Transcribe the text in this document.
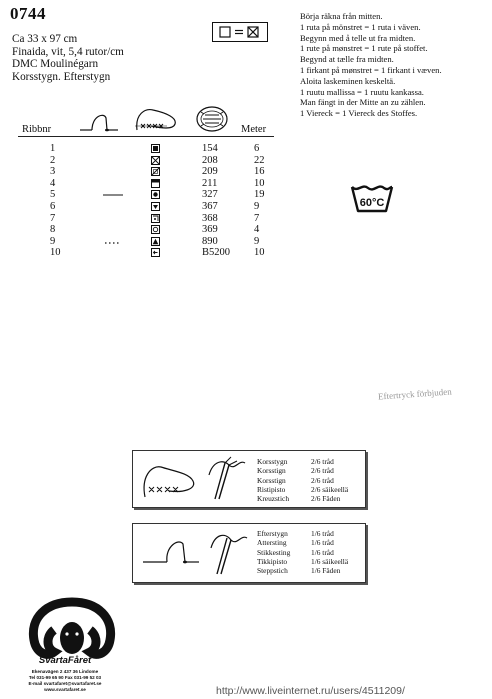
0744
Ca 33 x 97 cm
Finaida, vit, 5,4 rutor/cm
DMC Moulinégarn
Korsstygn. Efterstygn
Börja räkna från mitten.
1 ruta på mönstret = 1 ruta i väven.
Begynn med å telle ut fra midten.
1 rute på mønstret = 1 rute på stoffet.
Begynd at tælle fra midten.
1 firkant på mønstret = 1 firkant i væven.
Aloita laskeminen keskeltä.
1 ruutu mallissa = 1 ruutu kankassa.
Man fängt in der Mitte an zu zählen.
1 Viereck = 1 Viereck des Stoffes.
Ribbnr	Meter
1	154	6
2	208	22
3	209	16
4	211	10
5	327	19
6	367	9
7	368	7
8	369	4
9	890	9
10	B5200 10
60°C
Eftertryck förbjuden
Korsstygn	2/6 tråd
Korsstign	2/6 tråd
Korsstign	2/6 tråd
Ristipisto	2/6 säikeellä
Kreuzstich	2/6 Fäden
Efterstygn	1/6 tråd
Attersting	1/6 tråd
Stikkesting	1/6 tråd
Tikkipisto	1/6 säikeellä
Steppstich	1/6 Fäden
SvartaFåret
Ekenavägen 2 437 36 Lindome
Tel 031-99 65 90 Fax 031-99 52 03
E-mail svartafaret@svartafaret.se
www.svartafaret.se	http://www.liveinternet.ru/users/4511209/
